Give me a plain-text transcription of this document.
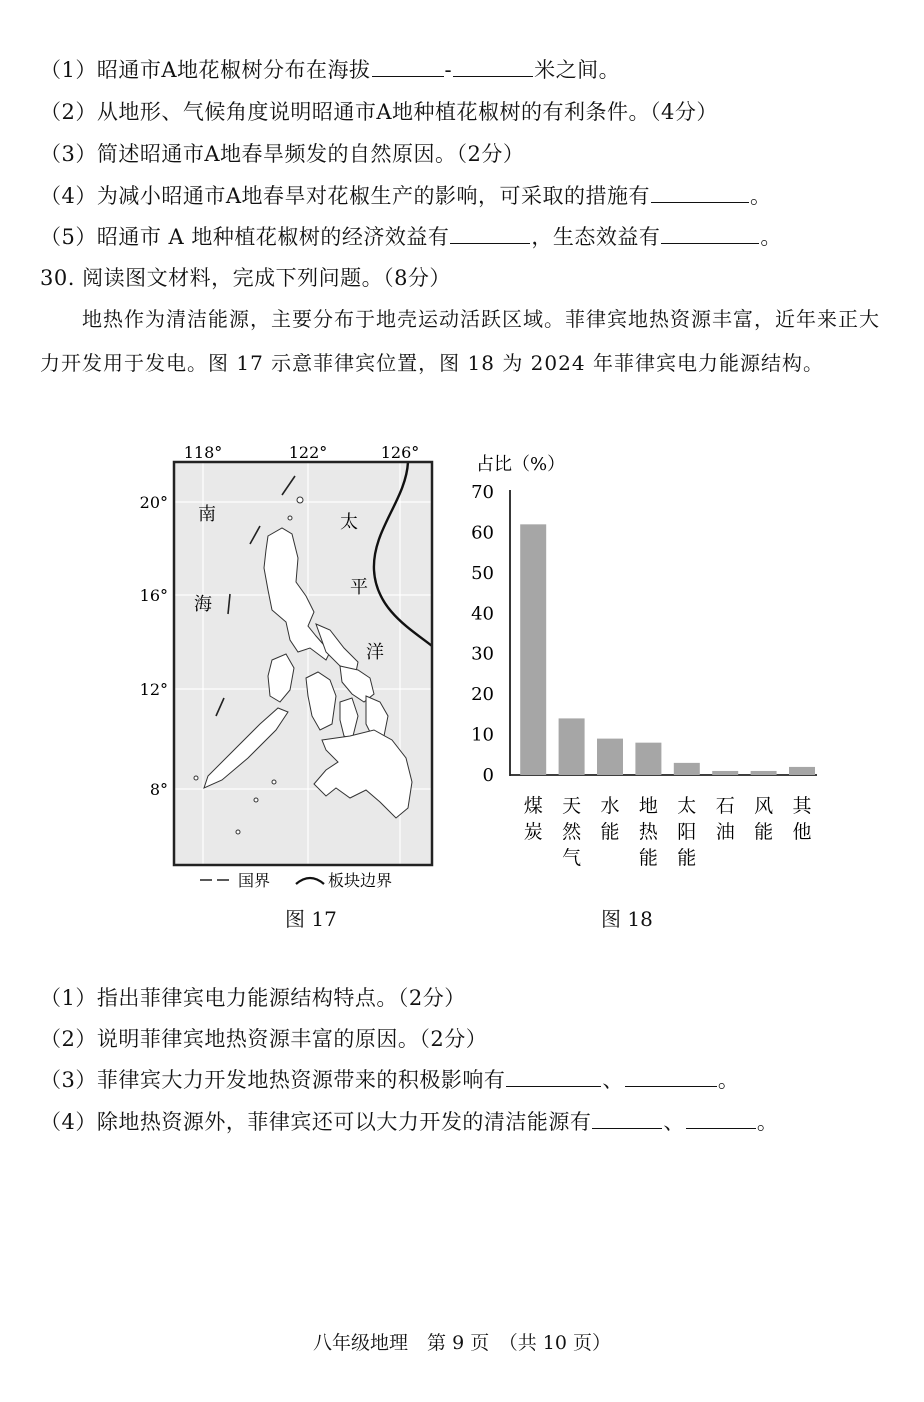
（1）昭通市A地花椒树分布在海拔	-	米之间。
（2）从地形、气候角度说明昭通市A地种植花椒树的有利条件。（4分）
（3）简述昭通市A地春旱频发的自然原因。（2分）
（4）为减小昭通市A地春旱对花椒生产的影响，可采取的措施有	。
（5）昭通市 A 地种植花椒树的经济效益有	，生态效益有	。
30. 阅读图文材料，完成下列问题。（8分）
地热作为清洁能源，主要分布于地壳运动活跃区域。菲律宾地热资源丰富，近年来正大力开发用于发电。图 17 示意菲律宾位置，图 18 为 2024 年菲律宾电力能源结构。
118°	122°	126°
20°
16°
12°
8°
南
海
太
平
洋
国界	板块边界
图 17
占比（%）
0
10
20
30
40
50
60
70
煤炭
天然气
水能
地热能
太阳能
石油
风能
其他
图 18
（1）指出菲律宾电力能源结构特点。（2分）
（2）说明菲律宾地热资源丰富的原因。（2分）
（3）菲律宾大力开发地热资源带来的积极影响有	、	。
（4）除地热资源外，菲律宾还可以大力开发的清洁能源有	、	。
八年级地理　第 9 页　（共 10 页）
